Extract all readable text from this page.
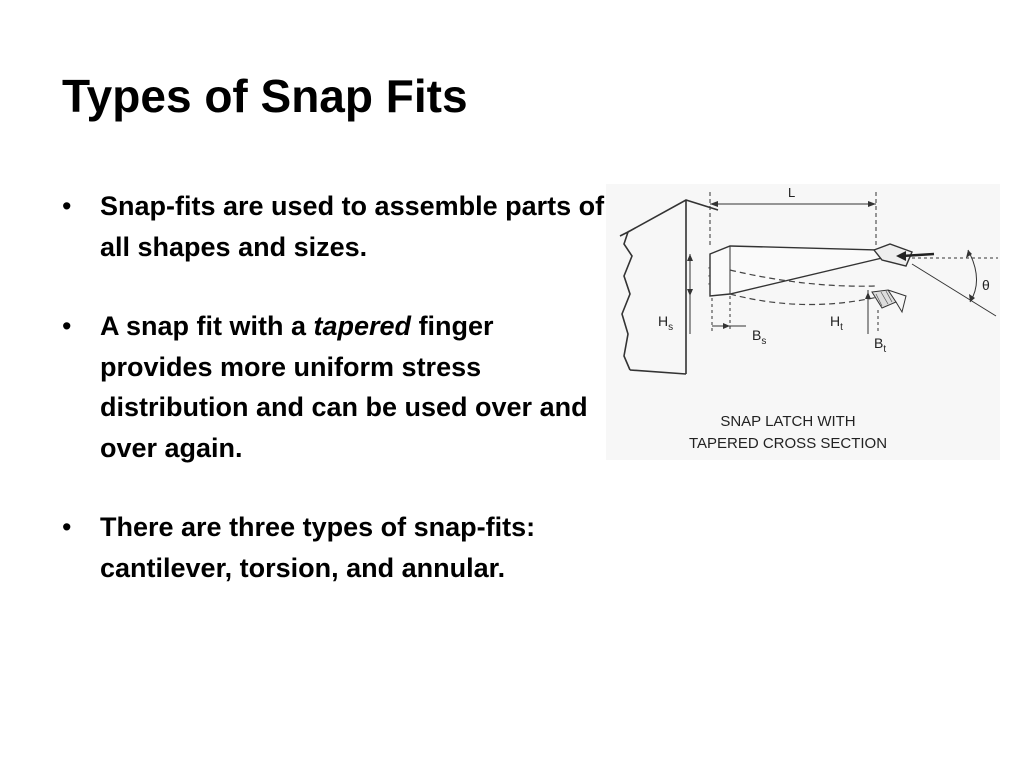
Types of Snap Fits
• Snap-fits are used to assemble parts of all shapes and sizes.
• A snap fit with a tapered finger provides more uniform stress distribution and can be used over and over again.
• There are three types of snap-fits: cantilever, torsion, and annular.
L
θ
$H_s$	$B_s$
$H_t$
$B_t$
SNAP LATCH WITH
TAPERED CROSS SECTION
